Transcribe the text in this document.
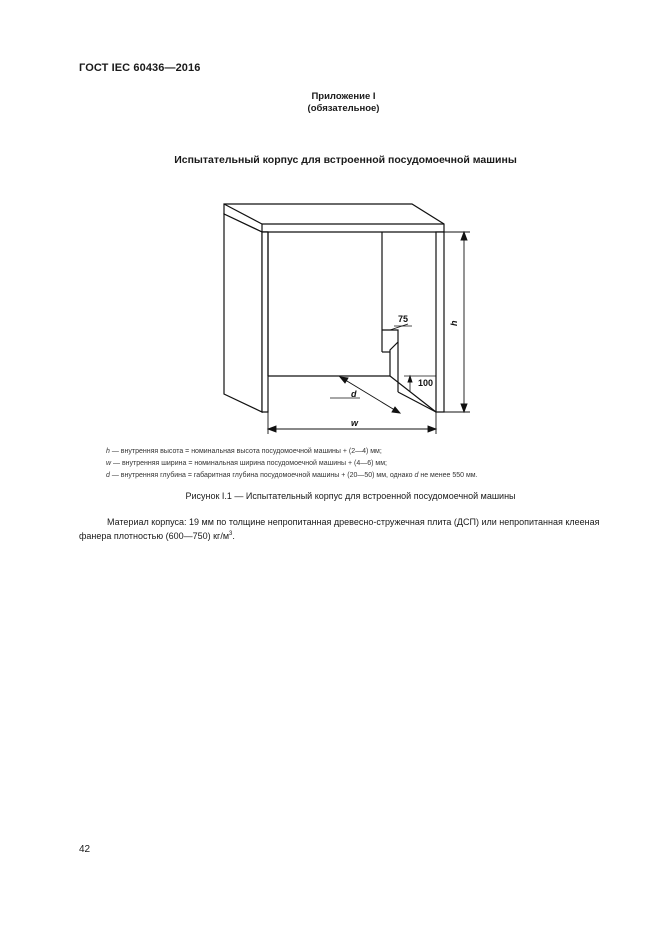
ГОСТ IEC 60436—2016
Приложение I
(обязательное)
Испытательный корпус для встроенной посудомоечной машины
h
w
d
75
100
h — внутренняя высота = номинальная высота посудомоечной машины + (2—4) мм;
w — внутренняя ширина = номинальная ширина посудомоечной машины + (4—6) мм;
d — внутренняя глубина = габаритная глубина посудомоечной машины + (20—50) мм, однако d не менее 550 мм.
Рисунок I.1 — Испытательный корпус для встроенной посудомоечной машины
Материал корпуса: 19 мм по толщине непропитанная древесно-стружечная плита (ДСП) или непропитанная клееная фанера плотностью (600—750) $кг/м^3$.
42
